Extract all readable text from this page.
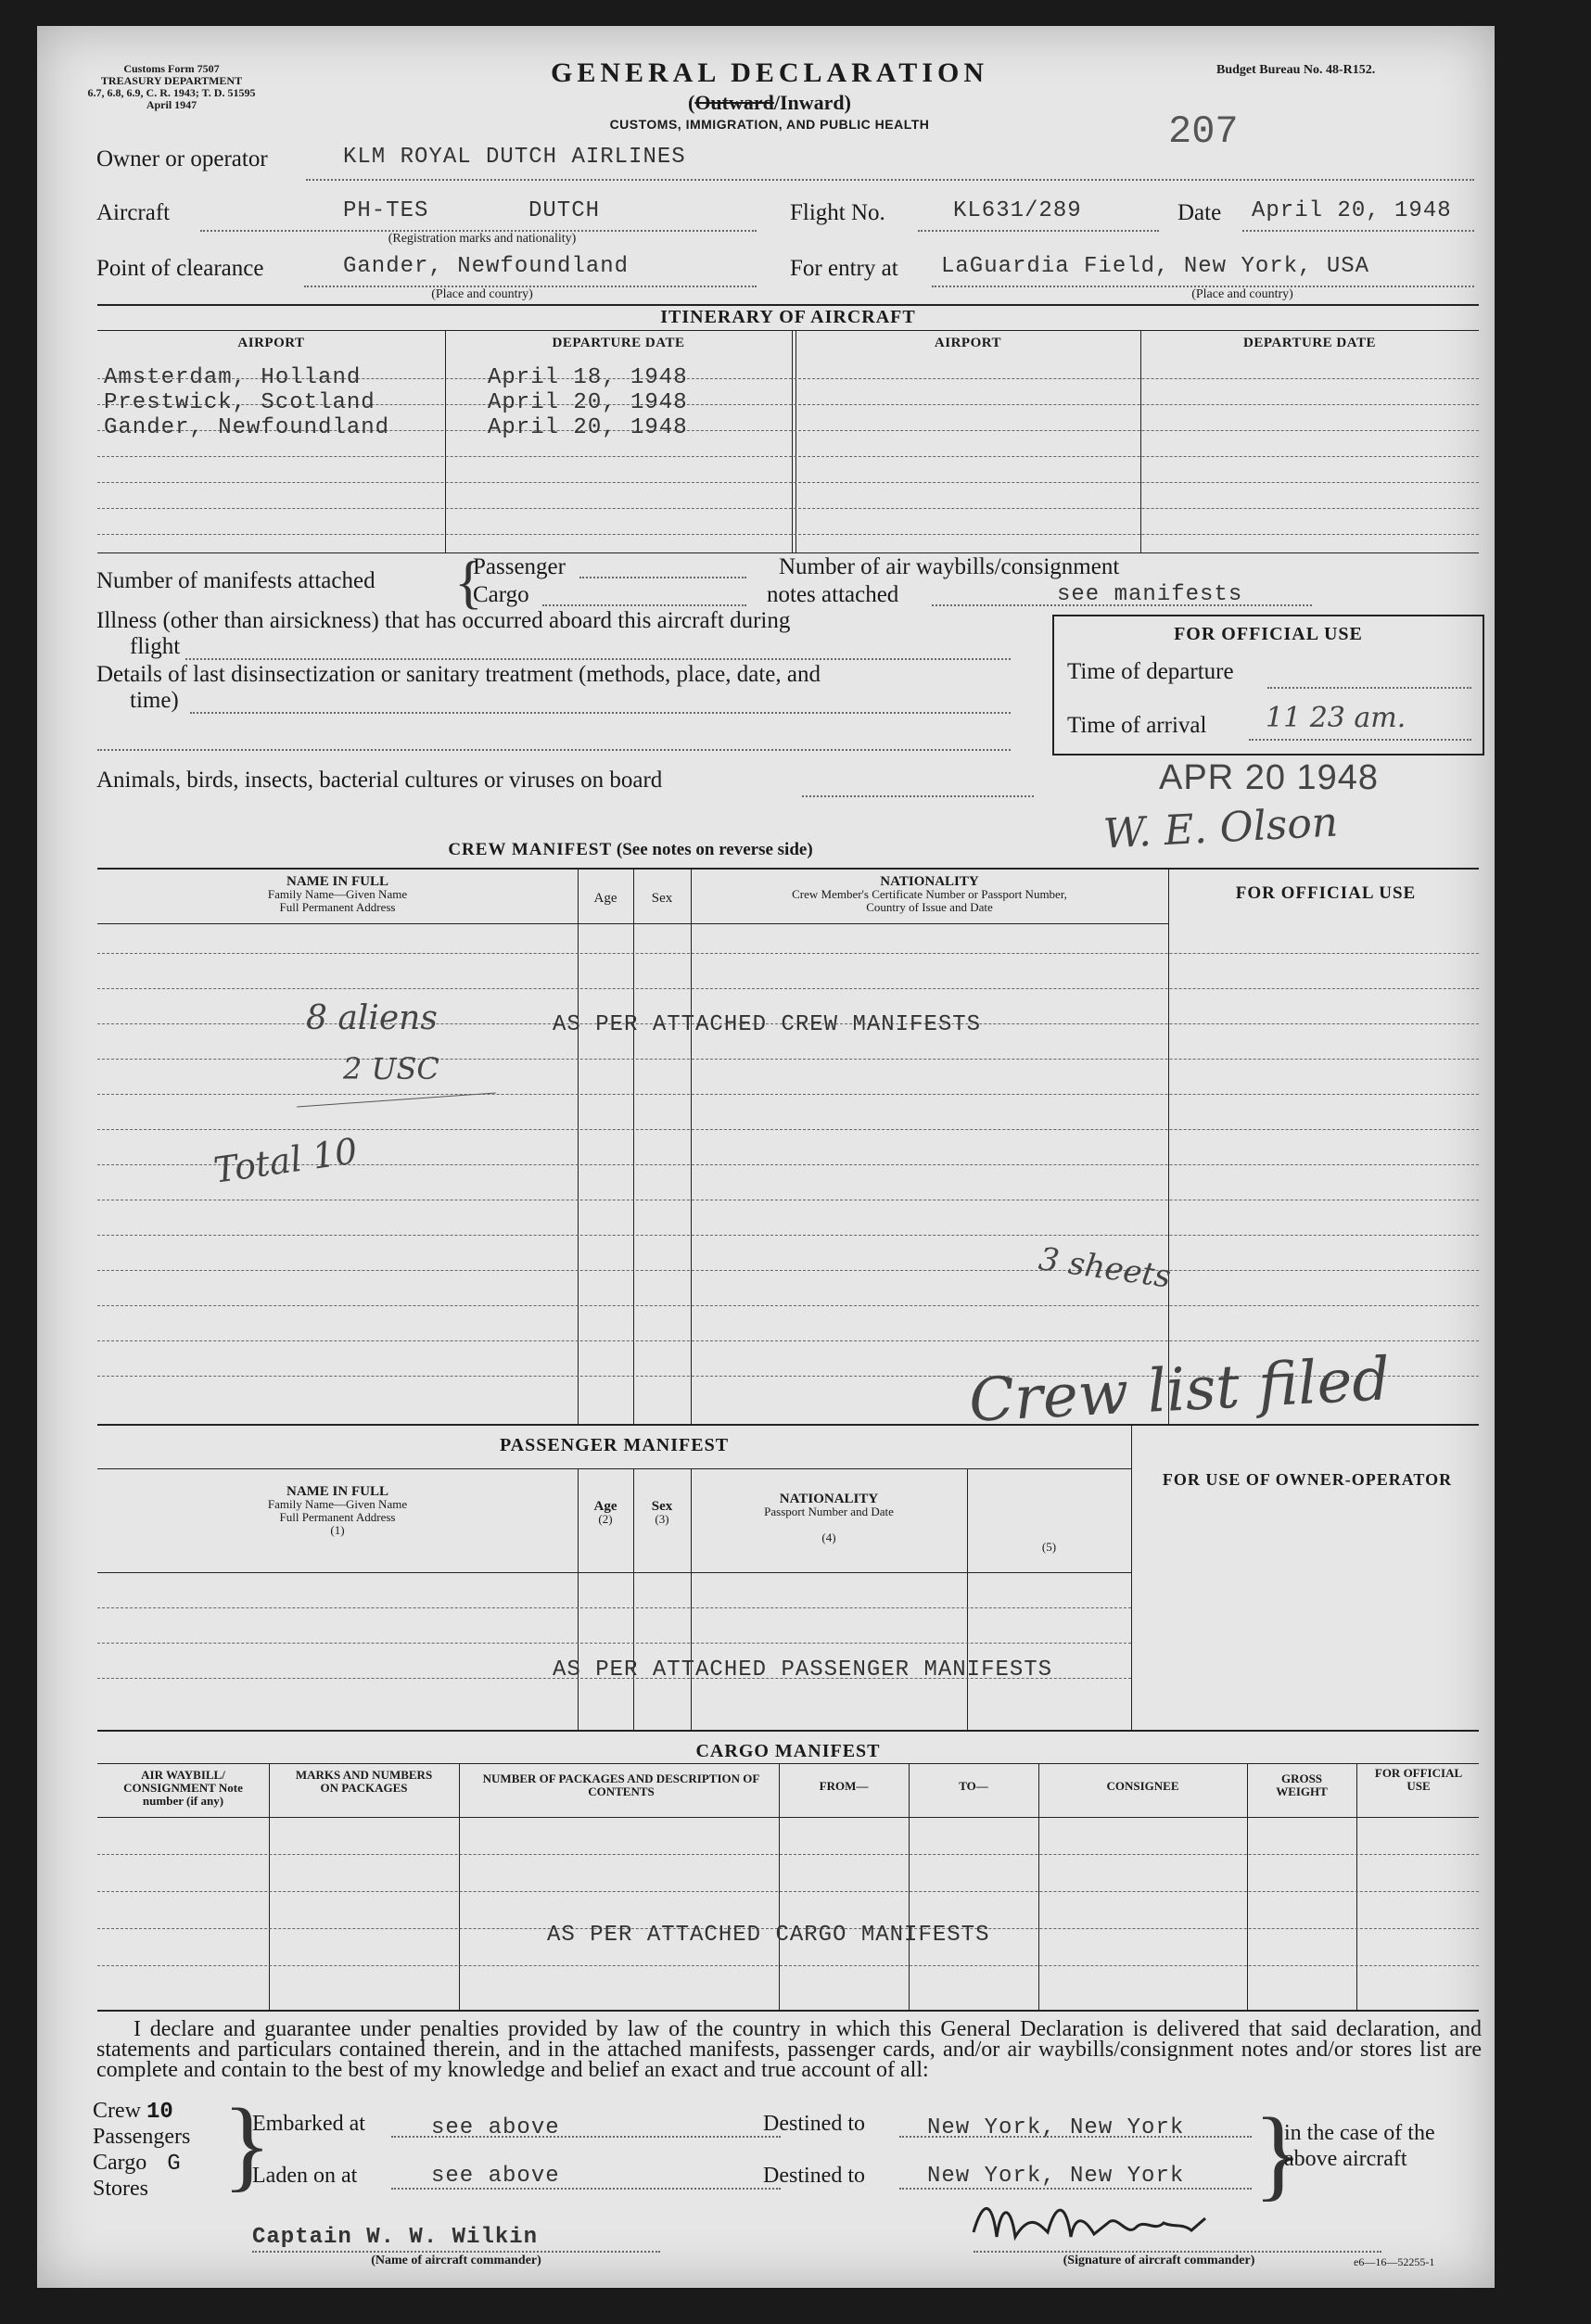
Customs Form 7507
TREASURY DEPARTMENT
6.7, 6.8, 6.9, C. R. 1943; T. D. 51595
April 1947
GENERAL DECLARATION
(Outward/Inward)
CUSTOMS, IMMIGRATION, AND PUBLIC HEALTH
Budget Bureau No. 48-R152.
207
Owner or operator	KLM ROYAL DUTCH AIRLINES
Aircraft	PH-TES	DUTCH
(Registration marks and nationality)
Flight No.	KL631/289	Date April 20, 1948
Point of clearance	Gander, Newfoundland
(Place and country)
For entry at LaGuardia Field, New York, USA
(Place and country)
ITINERARY OF AIRCRAFT
AIRPORT	DEPARTURE DATE	AIRPORT	DEPARTURE DATE
Amsterdam, Holland	April 18, 1948
Prestwick, Scotland	April 20, 1948
Gander, Newfoundland	April 20, 1948
Number of manifests attached {
Passenger
Cargo
Number of air waybills/consignment
notes attached	see manifests
Illness (other than airsickness) that has occurred aboard this aircraft during
flight
Details of last disinsectization or sanitary treatment (methods, place, date, and
time)
Animals, birds, insects, bacterial cultures or viruses on board
FOR OFFICIAL USE
Time of departure
Time of arrival 11 23 am.
APR 20 1948
W. E. Olson
CREW MANIFEST (See notes on reverse side)
NAME IN FULL
Family Name—Given Name
Full Permanent Address
Age	Sex
NATIONALITY
Crew Member's Certificate Number or Passport Number,
Country of Issue and Date
FOR OFFICIAL USE
AS PER ATTACHED CREW MANIFESTS
8 aliens
2 USC
Total 10
3 sheets
Crew list filed
PASSENGER MANIFEST
FOR USE OF OWNER-OPERATOR
NAME IN FULL
Family Name—Given Name
Full Permanent Address
(1)
Age
(2)
Sex
(3)
NATIONALITY
Passport Number and Date

(4)
(5)
AS PER ATTACHED PASSENGER MANIFESTS
CARGO MANIFEST
AIR WAYBILL/ CONSIGNMENT Note number (if any)
MARKS AND NUMBERS ON PACKAGES
NUMBER OF PACKAGES AND DESCRIPTION OF CONTENTS	FROM—	TO—	CONSIGNEE
GROSS WEIGHT
FOR OFFICIAL USE
AS PER ATTACHED CARGO MANIFESTS
I declare and guarantee under penalties provided by law of the country in which this General Declaration is delivered that said declaration, and statements and particulars contained therein, and in the attached manifests, passenger cards, and/or air waybills/consignment notes and/or stores list are complete and contain to the best of my knowledge and belief an exact and true account of all:
Crew 10
Passengers
Cargo G
Stores }
Embarked at	see above
Laden on at	see above
Destined to	New York, New York
Destined to	New York, New York }
in the case of the
above aircraft
Captain W. W. Wilkin
(Name of aircraft commander)	(Signature of aircraft commander)	e6—16—52255-1
